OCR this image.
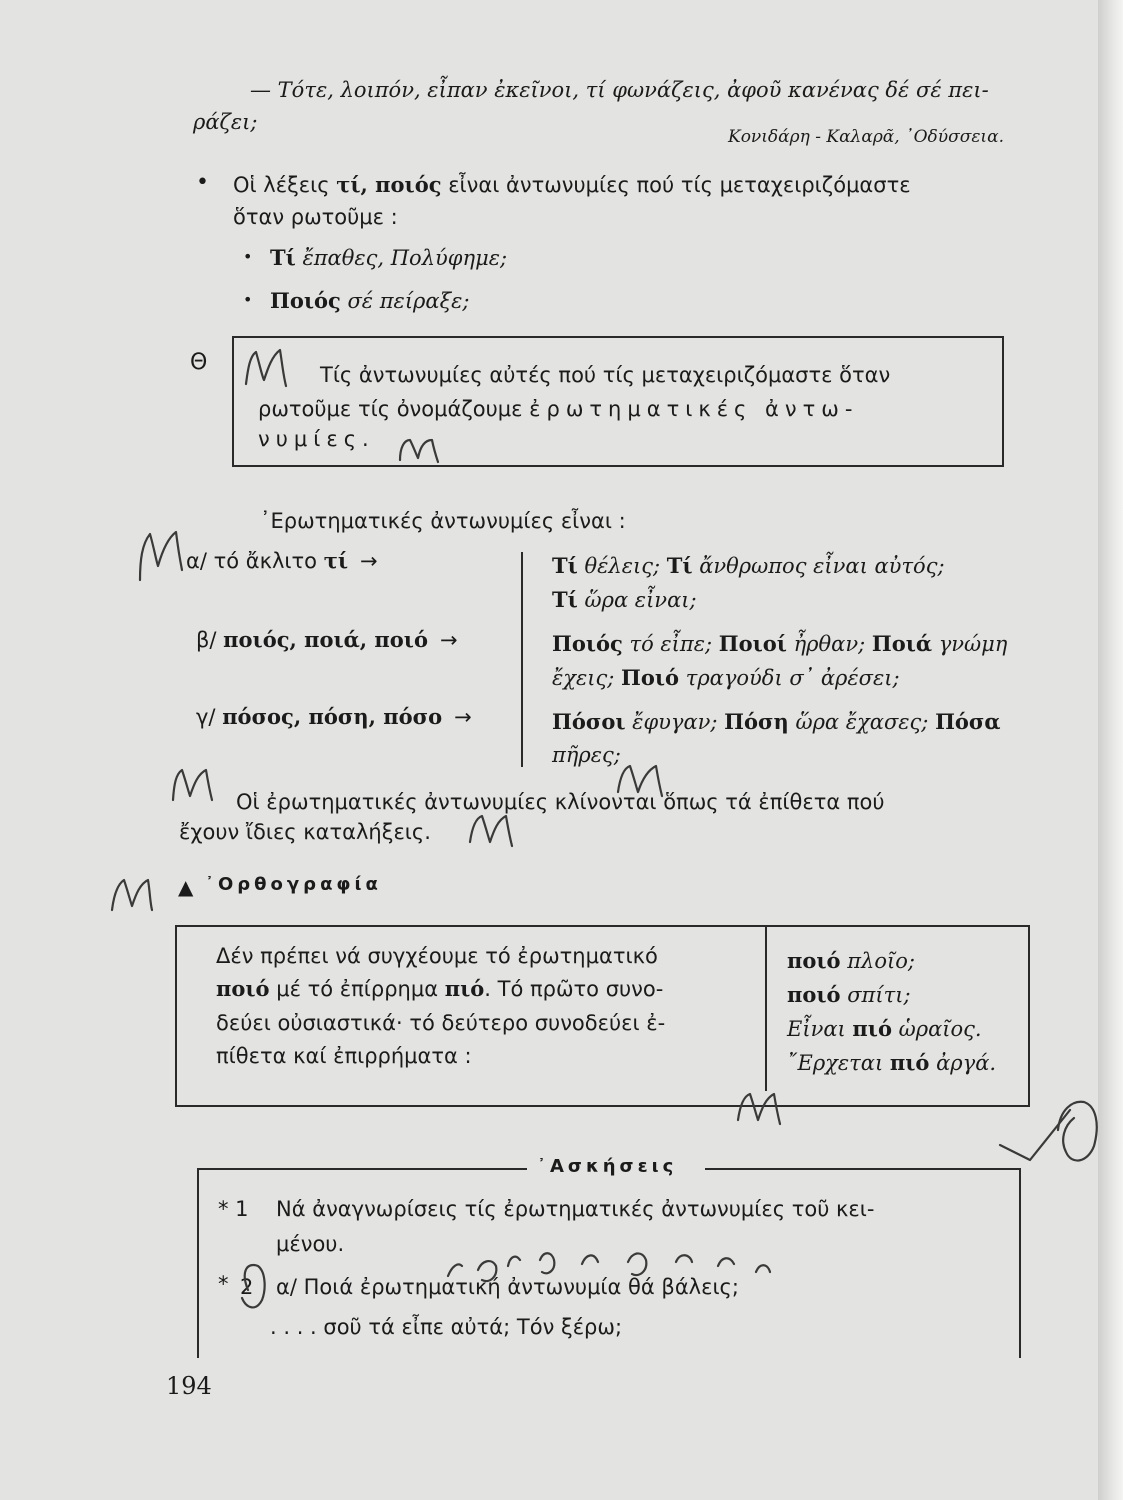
— Τότε, λοιπόν, εἶπαν ἐκεῖνοι, τί φωνάζεις, ἀφοῦ κανένας δέ σέ πει-
ράζει;
Κονιδάρη - Καλαρᾶ, ᾿Οδύσσεια.
• Οἱ λέξεις τί, ποιός εἶναι ἀντωνυμίες πού τίς μεταχειριζόμαστε
ὅταν ρωτοῦμε :
• Τί ἔπαθες, Πολύφημε;
• Ποιός σέ πείραξε;
Θ	Τίς ἀντωνυμίες αὐτές πού τίς μεταχειριζόμαστε ὅταν
ρωτοῦμε τίς ὀνομάζουμε ἐρωτηματικές ἀντω-
νυμίες.
᾿Ερωτηματικές ἀντωνυμίες εἶναι :
α/ τό ἄκλιτο τί →
β/ ποιός, ποιά, ποιό →
γ/ πόσος, πόση, πόσο →
Τί θέλεις; Τί ἄνθρωπος εἶναι αὐτός;
Τί ὥρα εἶναι;
Ποιός τό εἶπε; Ποιοί ἦρθαν; Ποιά γνώμη
ἔχεις; Ποιό τραγούδι σ᾿ ἀρέσει;
Πόσοι ἔφυγαν; Πόση ὥρα ἔχασες; Πόσα
πῆρες;
Οἱ ἐρωτηματικές ἀντωνυμίες κλίνονται ὅπως τά ἐπίθετα πού
ἔχουν ἴδιες καταλήξεις.
▲ ᾿Ορθογραφία
Δέν πρέπει νά συγχέουμε τό ἐρωτηματικό
ποιό μέ τό ἐπίρρημα πιό. Τό πρῶτο συνο-
δεύει οὐσιαστικά· τό δεύτερο συνοδεύει ἐ-
πίθετα καί ἐπιρρήματα :
ποιό πλοῖο;
ποιό σπίτι;
Εἶναι πιό ὡραῖος.
῎Ερχεται πιό ἀργά.
᾿Ασκήσεις
* 1 Νά ἀναγνωρίσεις τίς ἐρωτηματικές ἀντωνυμίες τοῦ κει-
μένου.
* 2 α/ Ποιά ἐρωτηματική ἀντωνυμία θά βάλεις;
. . . . σοῦ τά εἶπε αὐτά; Τόν ξέρω;
194
